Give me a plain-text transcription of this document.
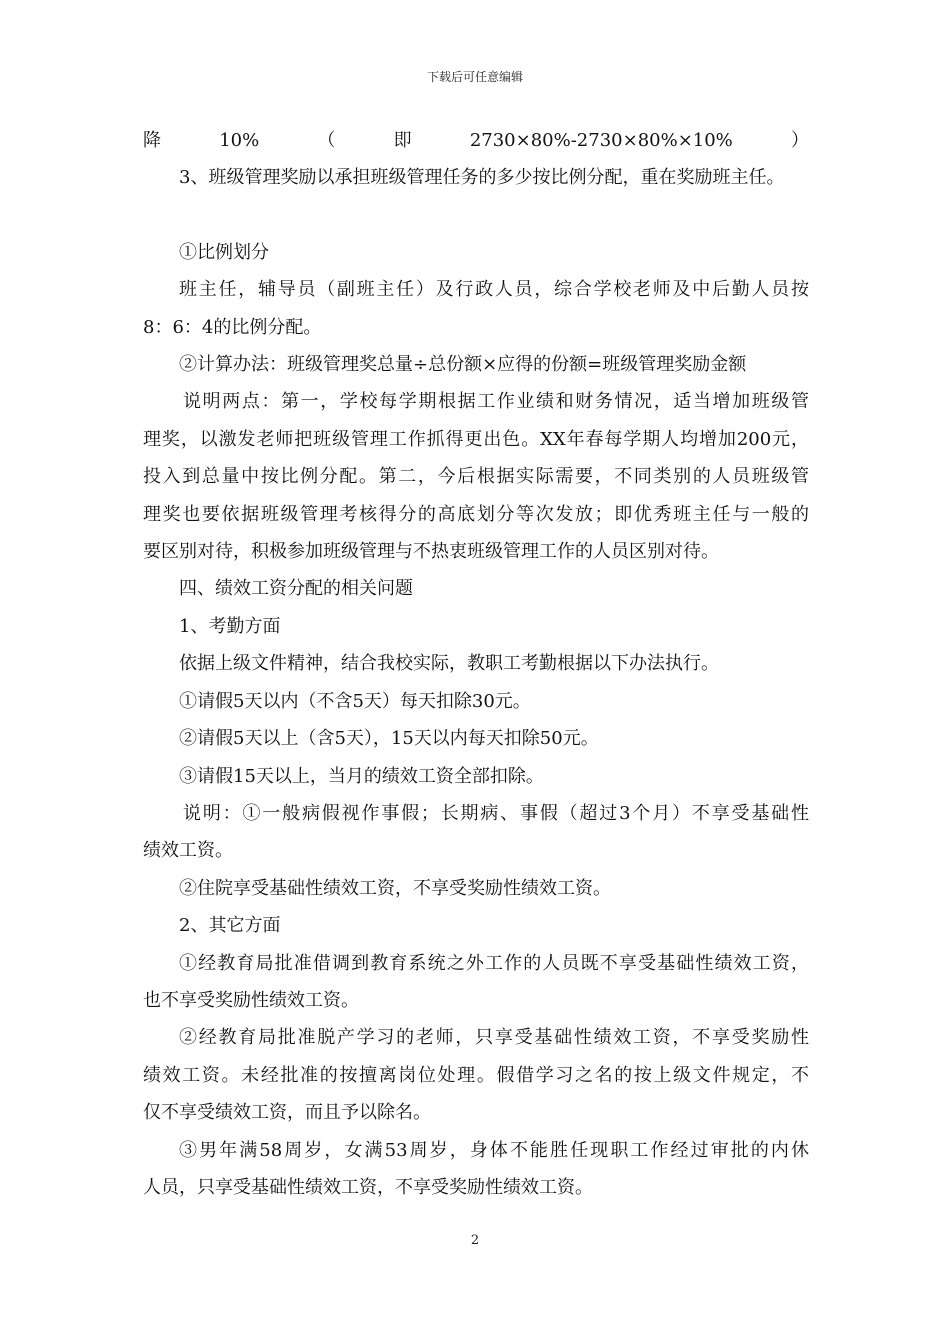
下载后可任意编辑

降10%（即2730×80%-2730×80%×10%）

3、班级管理奖励以承担班级管理任务的多少按比例分配，重在奖励班主任。

①比例划分

班主任，辅导员（副班主任）及行政人员，综合学校老师及中后勤人员按

8：6：4的比例分配。

②计算办法：班级管理奖总量÷总份额×应得的份额=班级管理奖励金额

说明两点：第一，学校每学期根据工作业绩和财务情况，适当增加班级管

理奖，以激发老师把班级管理工作抓得更出色。XX年春每学期人均增加200元，

投入到总量中按比例分配。第二，今后根据实际需要，不同类别的人员班级管

理奖也要依据班级管理考核得分的高底划分等次发放；即优秀班主任与一般的

要区别对待，积极参加班级管理与不热衷班级管理工作的人员区别对待。

四、绩效工资分配的相关问题

1、考勤方面

依据上级文件精神，结合我校实际，教职工考勤根据以下办法执行。

①请假5天以内（不含5天）每天扣除30元。

②请假5天以上（含5天），15天以内每天扣除50元。

③请假15天以上，当月的绩效工资全部扣除。

说明：①一般病假视作事假；长期病、事假（超过3个月）不享受基础性

绩效工资。

②住院享受基础性绩效工资，不享受奖励性绩效工资。

2、其它方面

①经教育局批准借调到教育系统之外工作的人员既不享受基础性绩效工资，

也不享受奖励性绩效工资。

②经教育局批准脱产学习的老师，只享受基础性绩效工资，不享受奖励性

绩效工资。未经批准的按擅离岗位处理。假借学习之名的按上级文件规定，不

仅不享受绩效工资，而且予以除名。

③男年满58周岁，女满53周岁，身体不能胜任现职工作经过审批的内休

人员，只享受基础性绩效工资，不享受奖励性绩效工资。

2
